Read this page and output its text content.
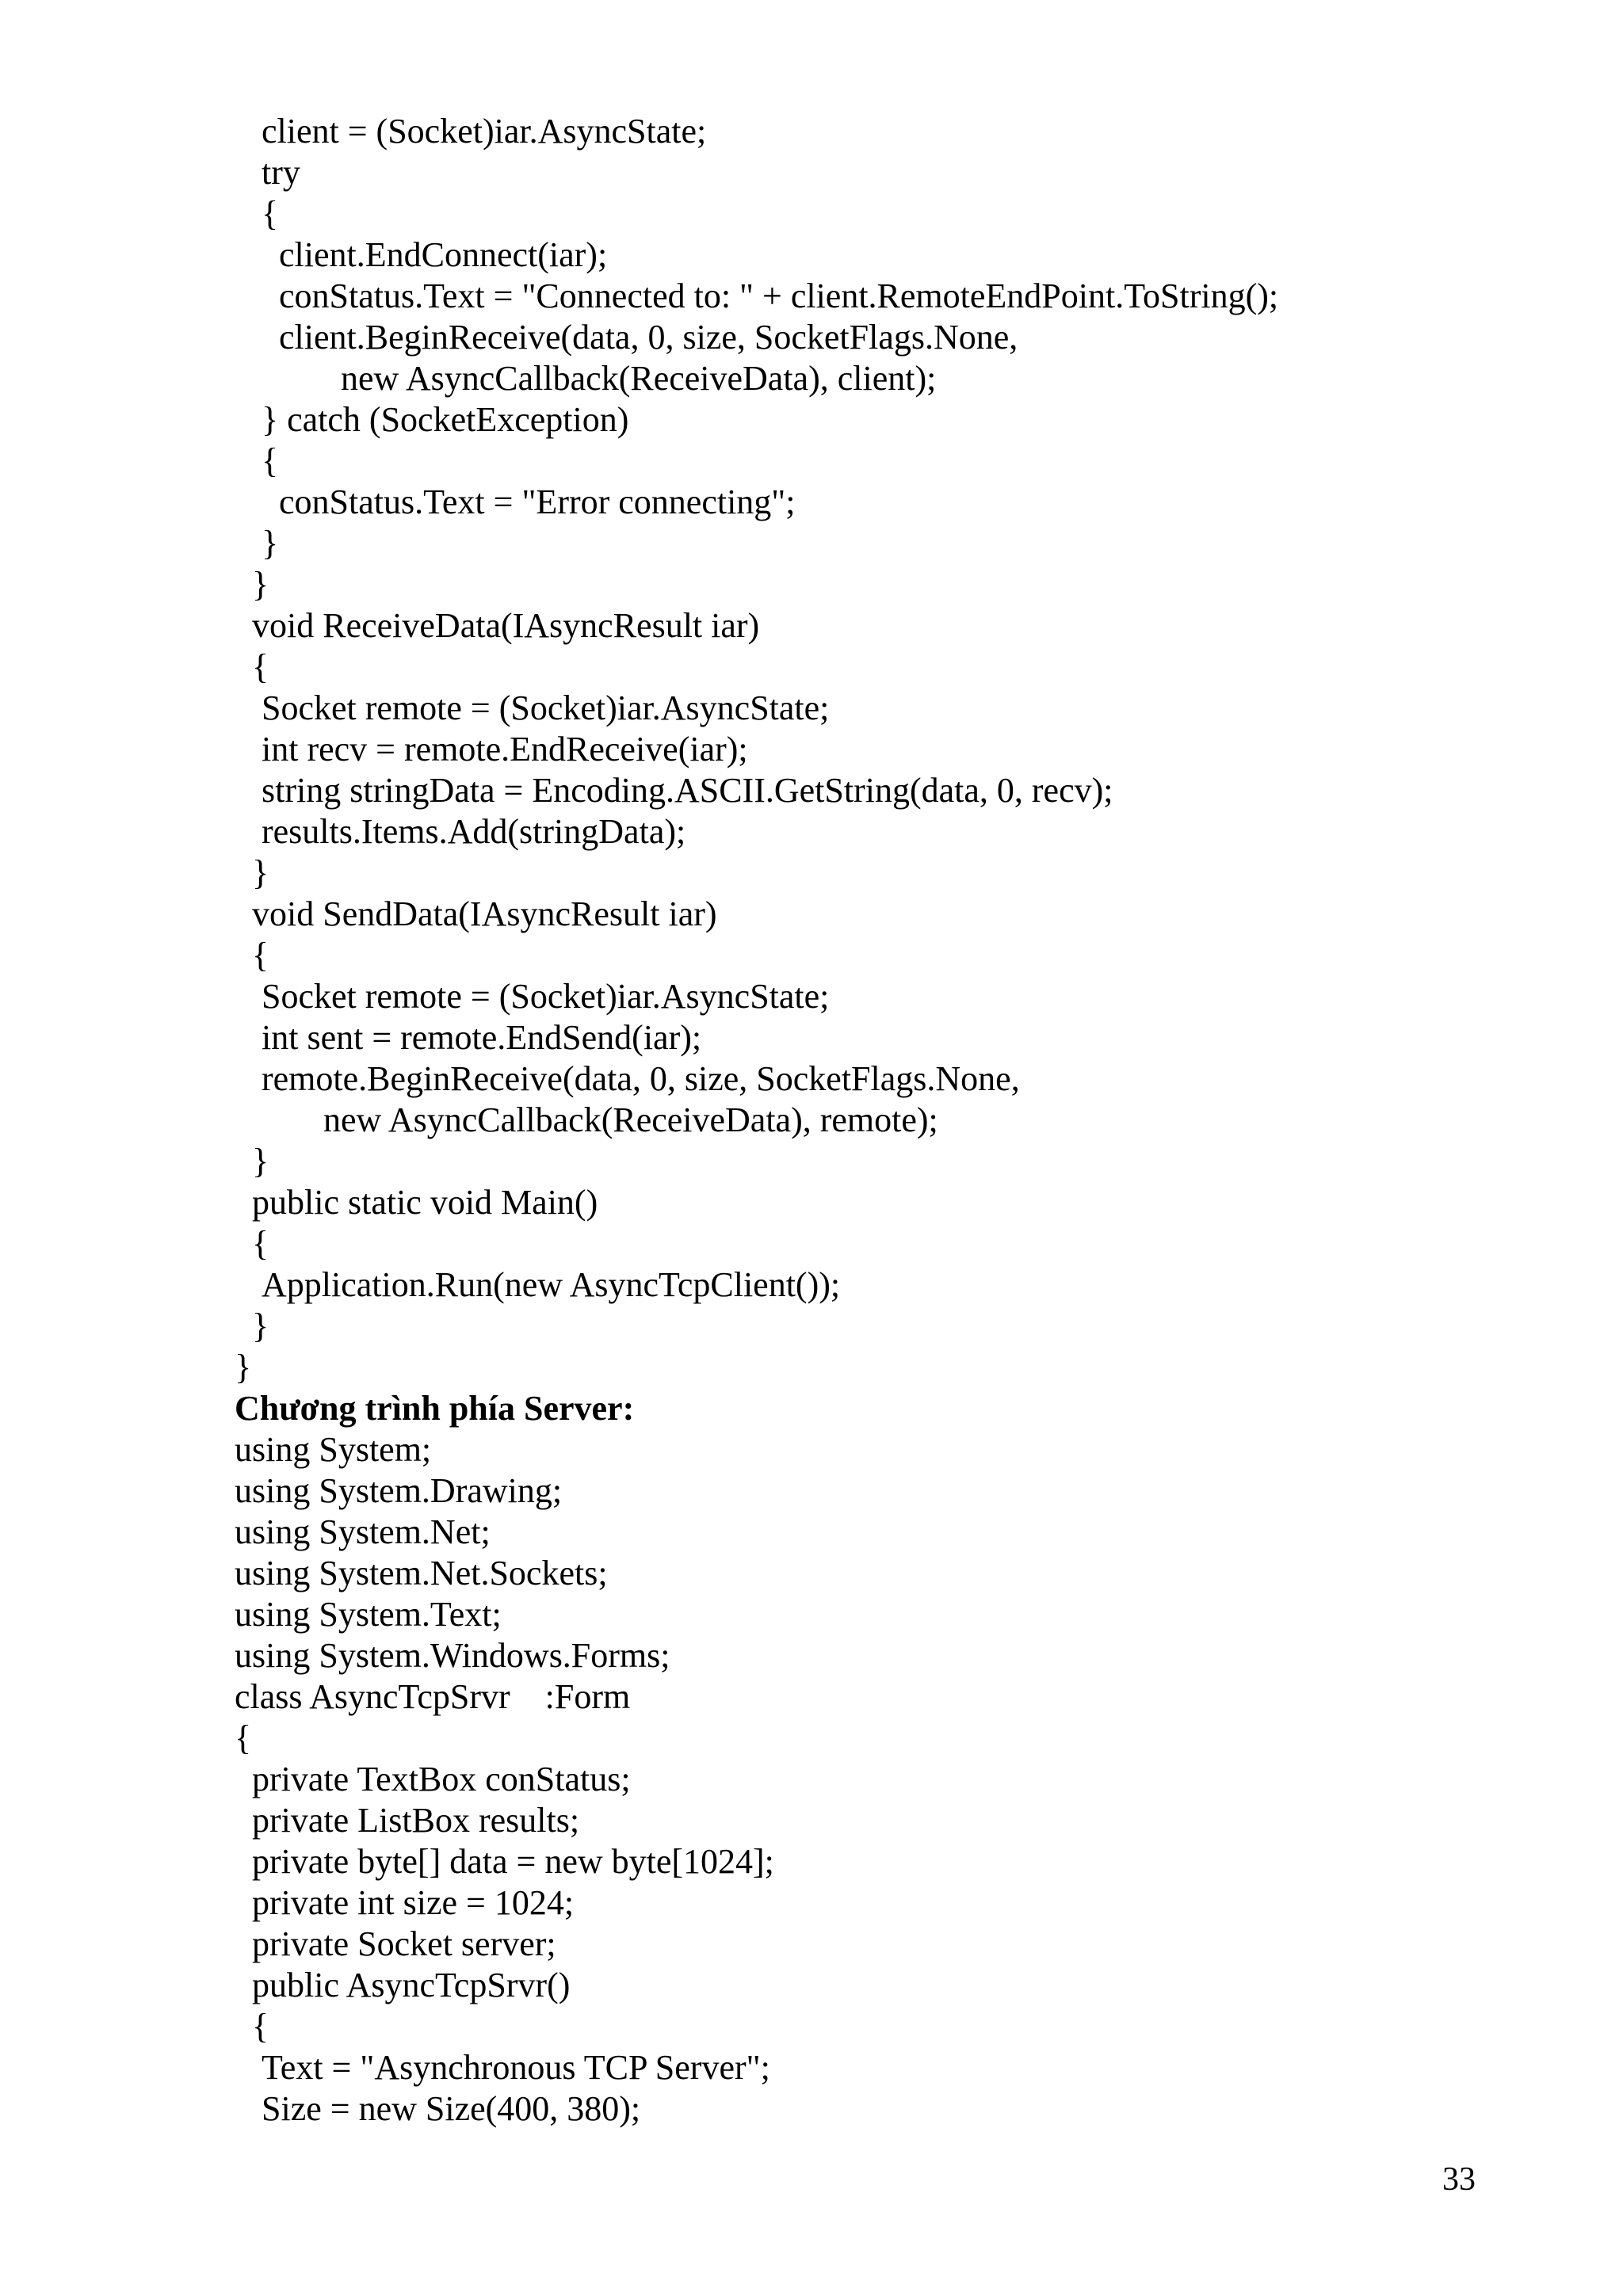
client = (Socket)iar.AsyncState;
try
{
client.EndConnect(iar);
conStatus.Text = "Connected to: " + client.RemoteEndPoint.ToString();
client.BeginReceive(data, 0, size, SocketFlags.None,
new AsyncCallback(ReceiveData), client);
} catch (SocketException)
{
conStatus.Text = "Error connecting";
}
}
void ReceiveData(IAsyncResult iar)
{
Socket remote = (Socket)iar.AsyncState;
int recv = remote.EndReceive(iar);
string stringData = Encoding.ASCII.GetString(data, 0, recv);
results.Items.Add(stringData);
}
void SendData(IAsyncResult iar)
{
Socket remote = (Socket)iar.AsyncState;
int sent = remote.EndSend(iar);
remote.BeginReceive(data, 0, size, SocketFlags.None,
new AsyncCallback(ReceiveData), remote);
}
public static void Main()
{
Application.Run(new AsyncTcpClient());
}
}
Chương trình phía Server:
using System;
using System.Drawing;
using System.Net;
using System.Net.Sockets;
using System.Text;
using System.Windows.Forms;
class AsyncTcpSrvr    :Form
{
private TextBox conStatus;
private ListBox results;
private byte[] data = new byte[1024];
private int size = 1024;
private Socket server;
public AsyncTcpSrvr()
{
Text = "Asynchronous TCP Server";
Size = new Size(400, 380);
33
